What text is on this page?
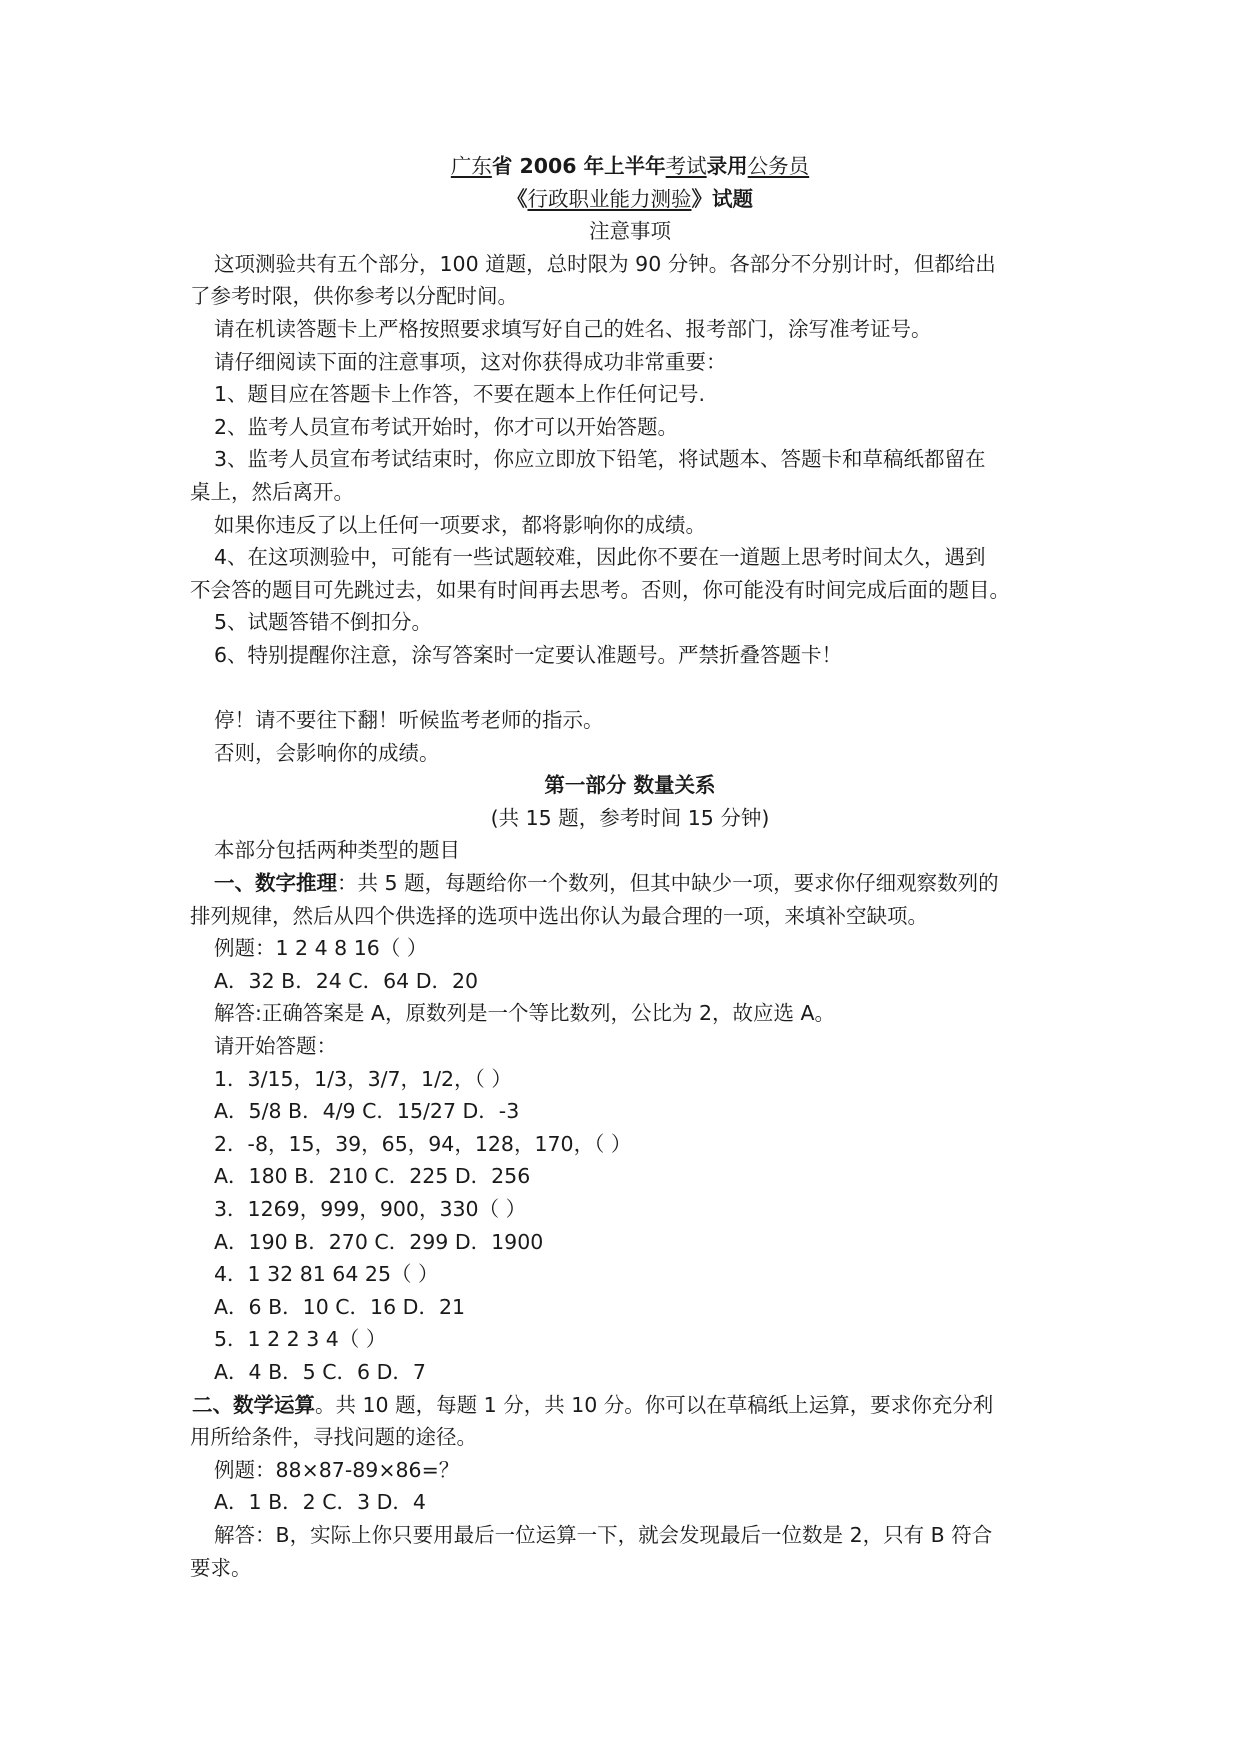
广东省 2006 年上半年考试录用公务员
《行政职业能力测验》试题
注意事项
这项测验共有五个部分，100 道题，总时限为 90 分钟。各部分不分别计时，但都给出
了参考时限，供你参考以分配时间。
请在机读答题卡上严格按照要求填写好自己的姓名、报考部门，涂写准考证号。
请仔细阅读下面的注意事项，这对你获得成功非常重要：
1、题目应在答题卡上作答，不要在题本上作任何记号.
2、监考人员宣布考试开始时，你才可以开始答题。
3、监考人员宣布考试结束时，你应立即放下铅笔，将试题本、答题卡和草稿纸都留在
桌上，然后离开。
如果你违反了以上任何一项要求，都将影响你的成绩。
4、在这项测验中，可能有一些试题较难，因此你不要在一道题上思考时间太久，遇到
不会答的题目可先跳过去，如果有时间再去思考。否则，你可能没有时间完成后面的题目。
5、试题答错不倒扣分。
6、特别提醒你注意，涂写答案时一定要认准题号。严禁折叠答题卡！
停！请不要往下翻！听候监考老师的指示。
否则，会影响你的成绩。
第一部分 数量关系
(共 15 题，参考时间 15 分钟)
本部分包括两种类型的题目
一、数字推理：共 5 题，每题给你一个数列，但其中缺少一项，要求你仔细观察数列的
排列规律，然后从四个供选择的选项中选出你认为最合理的一项，来填补空缺项。
例题：1 2 4 8 16（ ）
A．32 B．24 C．64 D．20
解答:正确答案是 A，原数列是一个等比数列，公比为 2，故应选 A。
请开始答题：
1．3/15，1/3，3/7，1/2，（ ）
A．5/8 B．4/9 C．15/27 D．-3
2．-8，15，39，65，94，128，170，（ ）
A．180 B．210 C．225 D．256
3．1269，999，900，330（ ）
A．190 B．270 C．299 D．1900
4．1 32 81 64 25（ ）
A．6 B．10 C．16 D．21
5．1 2 2 3 4（ ）
A．4 B．5 C．6 D．7
二、数学运算。共 10 题，每题 1 分，共 10 分。你可以在草稿纸上运算，要求你充分利
用所给条件，寻找问题的途径。
例题：88×87-89×86=？
A．1 B．2 C．3 D．4
解答：B，实际上你只要用最后一位运算一下，就会发现最后一位数是 2，只有 B 符合
要求。
